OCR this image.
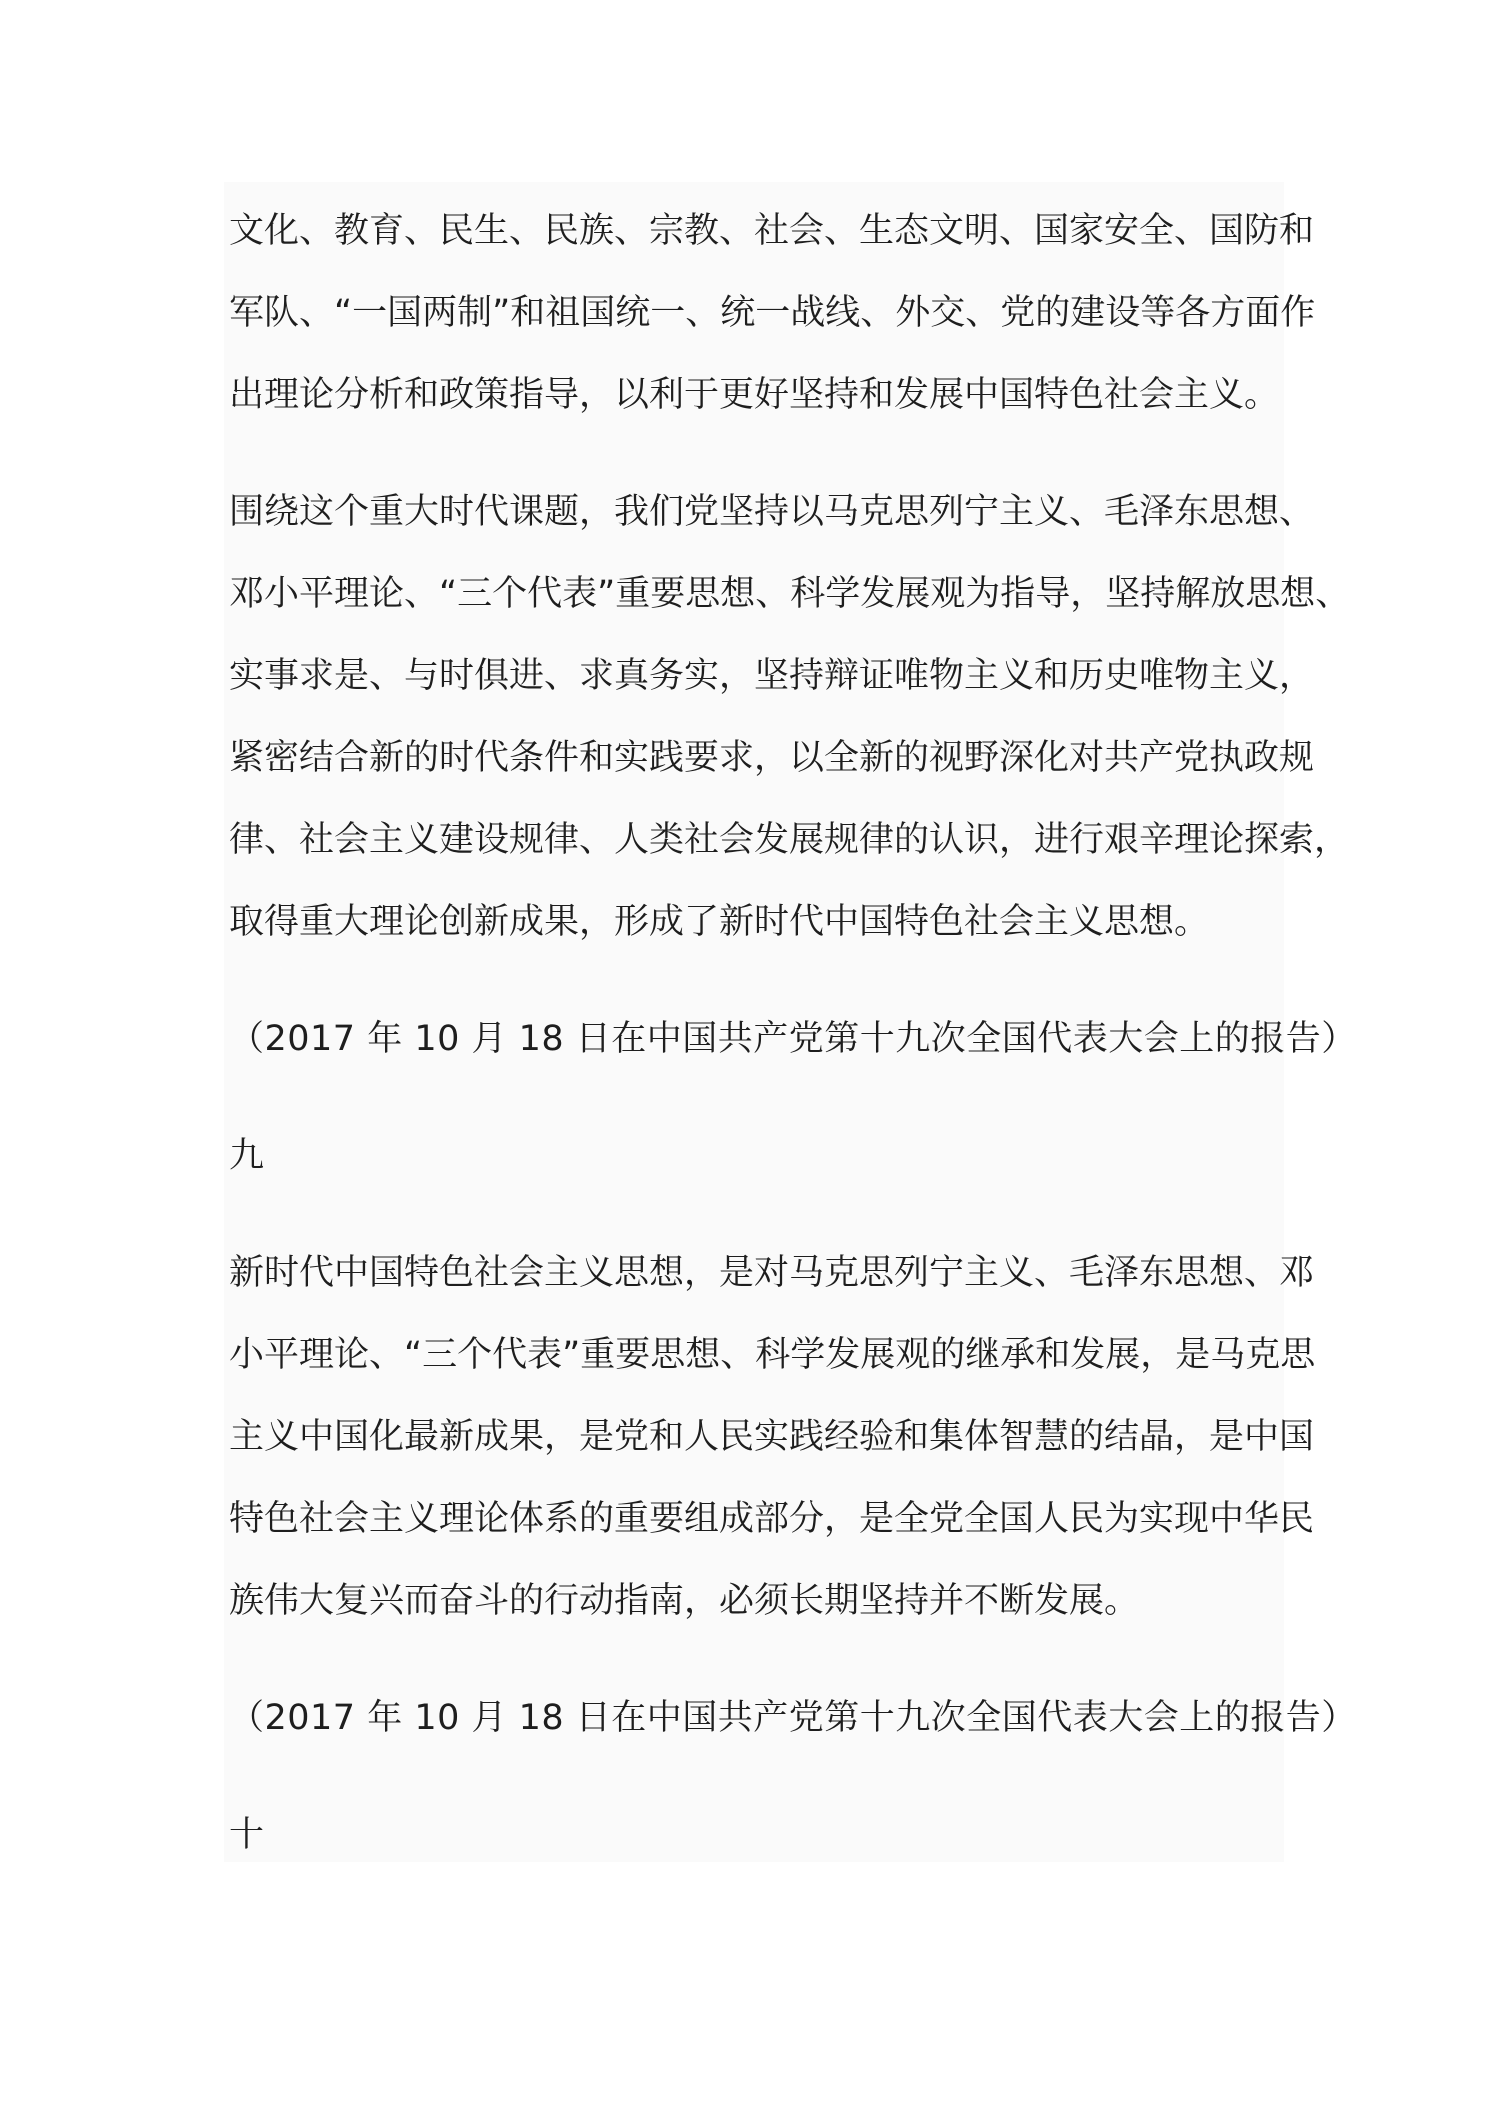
文化、教育、民生、民族、宗教、社会、生态文明、国家安全、国防和
军队、“一国两制”和祖国统一、统一战线、外交、党的建设等各方面作
出理论分析和政策指导，以利于更好坚持和发展中国特色社会主义。
围绕这个重大时代课题，我们党坚持以马克思列宁主义、毛泽东思想、
邓小平理论、“三个代表”重要思想、科学发展观为指导，坚持解放思想、
实事求是、与时俱进、求真务实，坚持辩证唯物主义和历史唯物主义，
紧密结合新的时代条件和实践要求，以全新的视野深化对共产党执政规
律、社会主义建设规律、人类社会发展规律的认识，进行艰辛理论探索，
取得重大理论创新成果，形成了新时代中国特色社会主义思想。

（2017 年 10 月 18 日在中国共产党第十九次全国代表大会上的报告）

九

新时代中国特色社会主义思想，是对马克思列宁主义、毛泽东思想、邓
小平理论、“三个代表”重要思想、科学发展观的继承和发展，是马克思
主义中国化最新成果，是党和人民实践经验和集体智慧的结晶，是中国
特色社会主义理论体系的重要组成部分，是全党全国人民为实现中华民
族伟大复兴而奋斗的行动指南，必须长期坚持并不断发展。

（2017 年 10 月 18 日在中国共产党第十九次全国代表大会上的报告）

十
